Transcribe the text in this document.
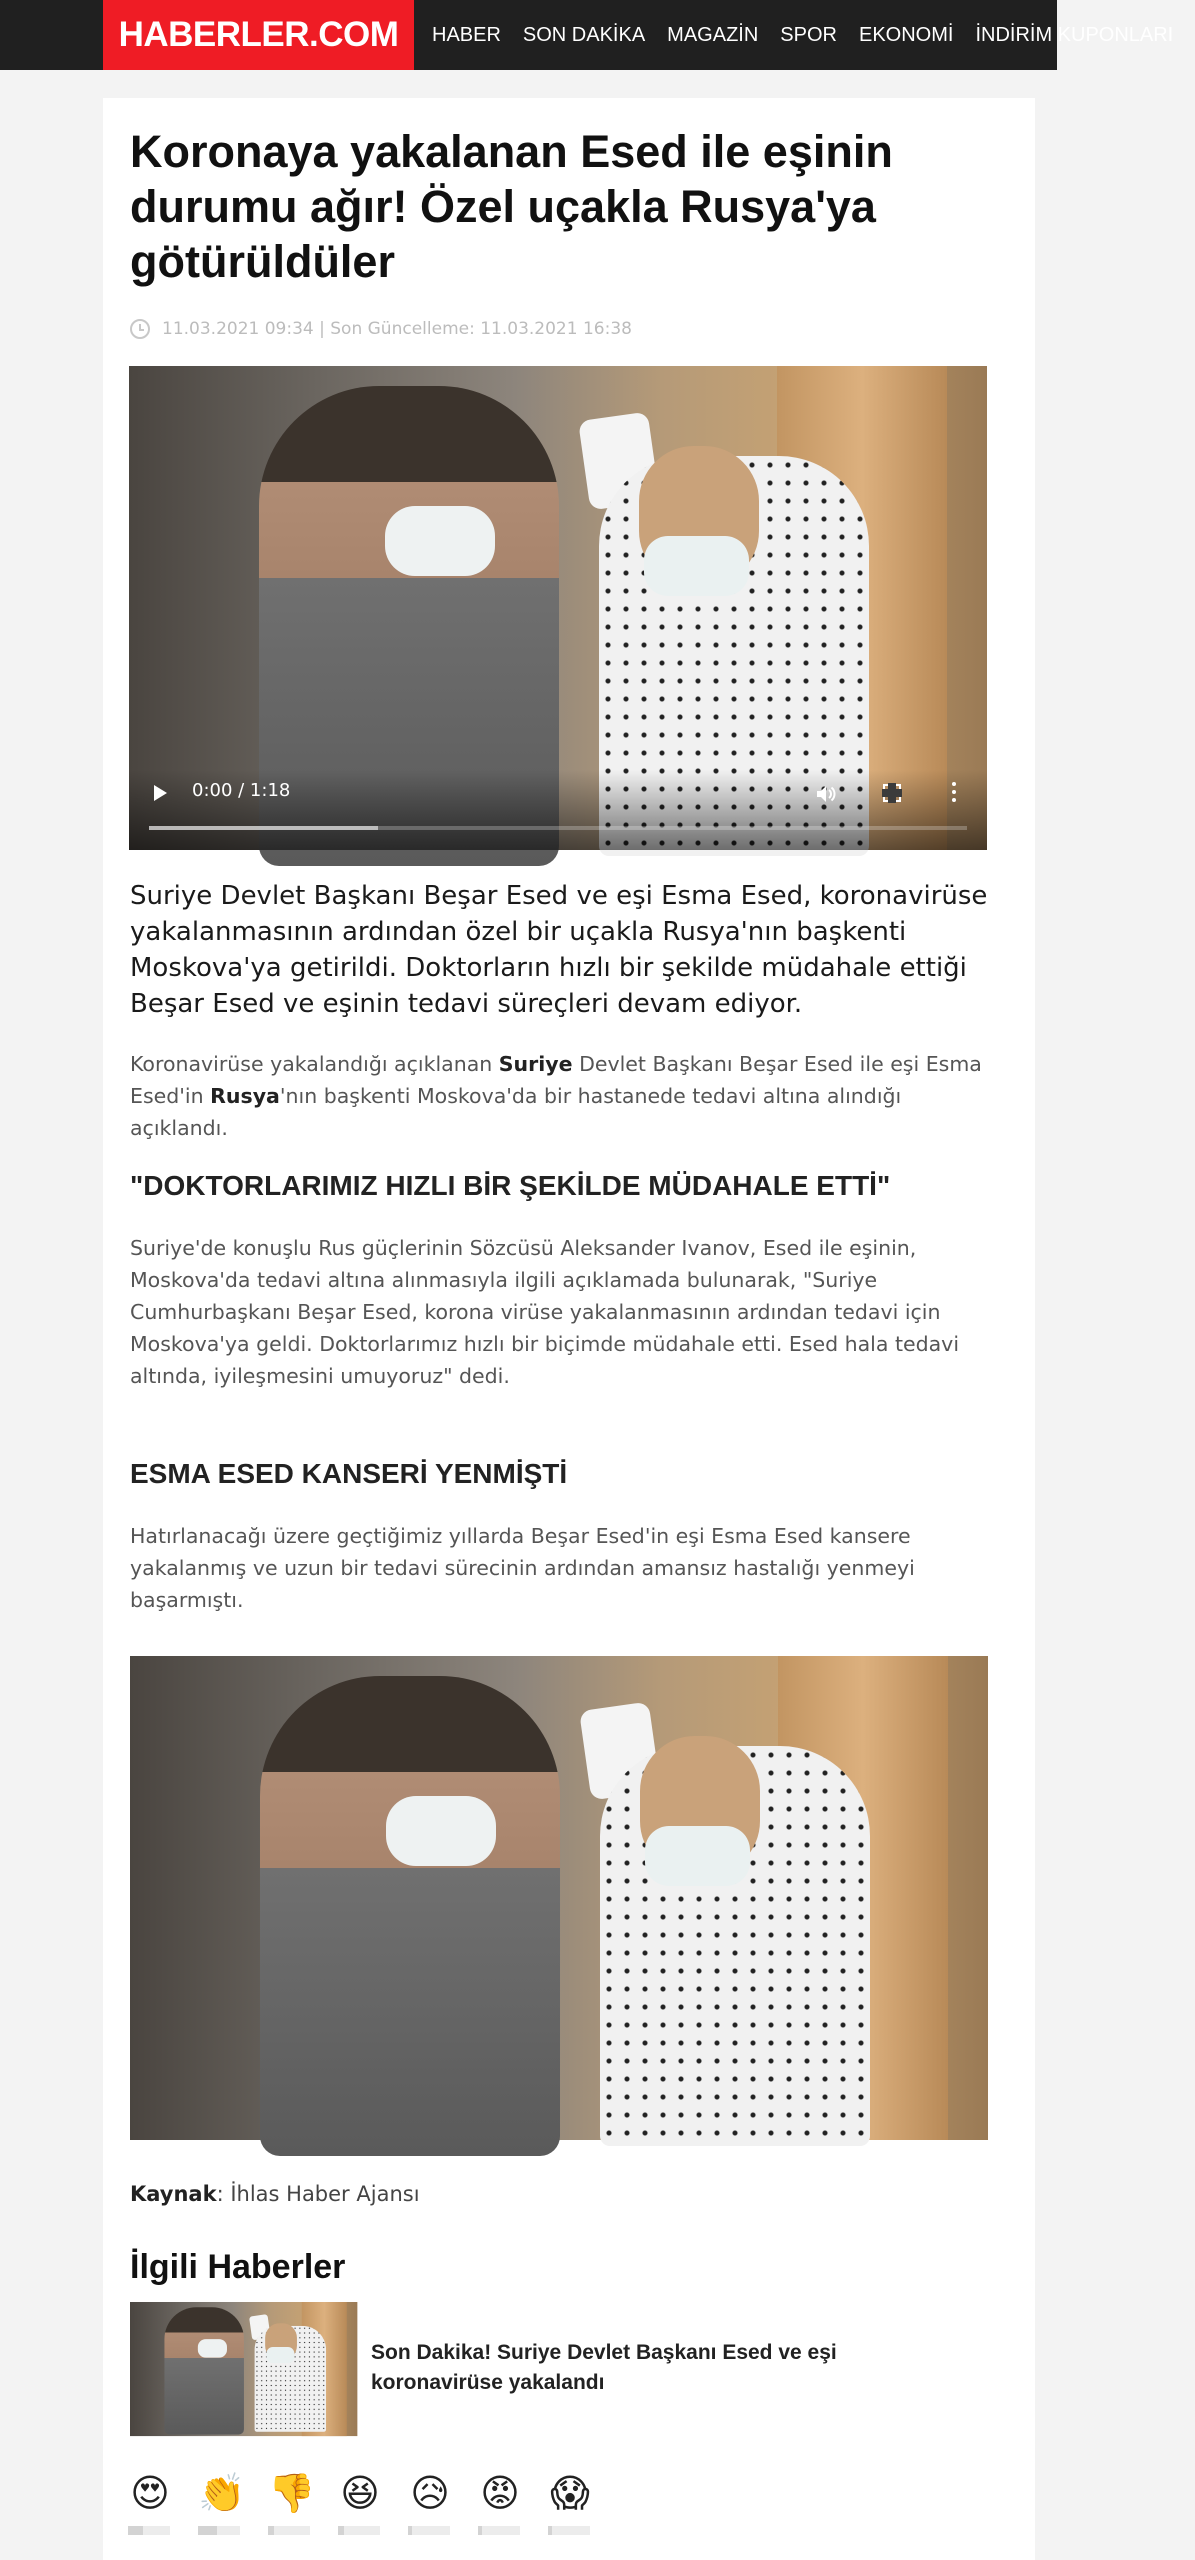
HABERLER.COM HABER SON DAKİKA MAGAZİN SPOR EKONOMİ İNDİRİM KUPONLARI
Koronaya yakalanan Esed ile eşinin durumu ağır! Özel uçakla Rusya'ya götürüldüler
11.03.2021 09:34 | Son Güncelleme: 11.03.2021 16:38
0:00 / 1:18

Suriye Devlet Başkanı Beşar Esed ve eşi Esma Esed, koronavirüse yakalanmasının ardından özel bir uçakla Rusya'nın başkenti Moskova'ya getirildi. Doktorların hızlı bir şekilde müdahale ettiği Beşar Esed ve eşinin tedavi süreçleri devam ediyor.

Koronavirüse yakalandığı açıklanan Suriye Devlet Başkanı Beşar Esed ile eşi Esma Esed'in Rusya'nın başkenti Moskova'da bir hastanede tedavi altına alındığı açıklandı.

"DOKTORLARIMIZ HIZLI BİR ŞEKİLDE MÜDAHALE ETTİ"

Suriye'de konuşlu Rus güçlerinin Sözcüsü Aleksander Ivanov, Esed ile eşinin, Moskova'da tedavi altına alınmasıyla ilgili açıklamada bulunarak, "Suriye Cumhurbaşkanı Beşar Esed, korona virüse yakalanmasının ardından tedavi için Moskova'ya geldi. Doktorlarımız hızlı bir biçimde müdahale etti. Esed hala tedavi altında, iyileşmesini umuyoruz" dedi.

ESMA ESED KANSERİ YENMİŞTİ

Hatırlanacağı üzere geçtiğimiz yıllarda Beşar Esed'in eşi Esma Esed kansere yakalanmış ve uzun bir tedavi sürecinin ardından amansız hastalığı yenmeyi başarmıştı.

Kaynak: İhlas Haber Ajansı

İlgili Haberler
Son Dakika! Suriye Devlet Başkanı Esed ve eşi koronavirüse yakalandı
😍 👏 👎 😆 😥 😡 😱
